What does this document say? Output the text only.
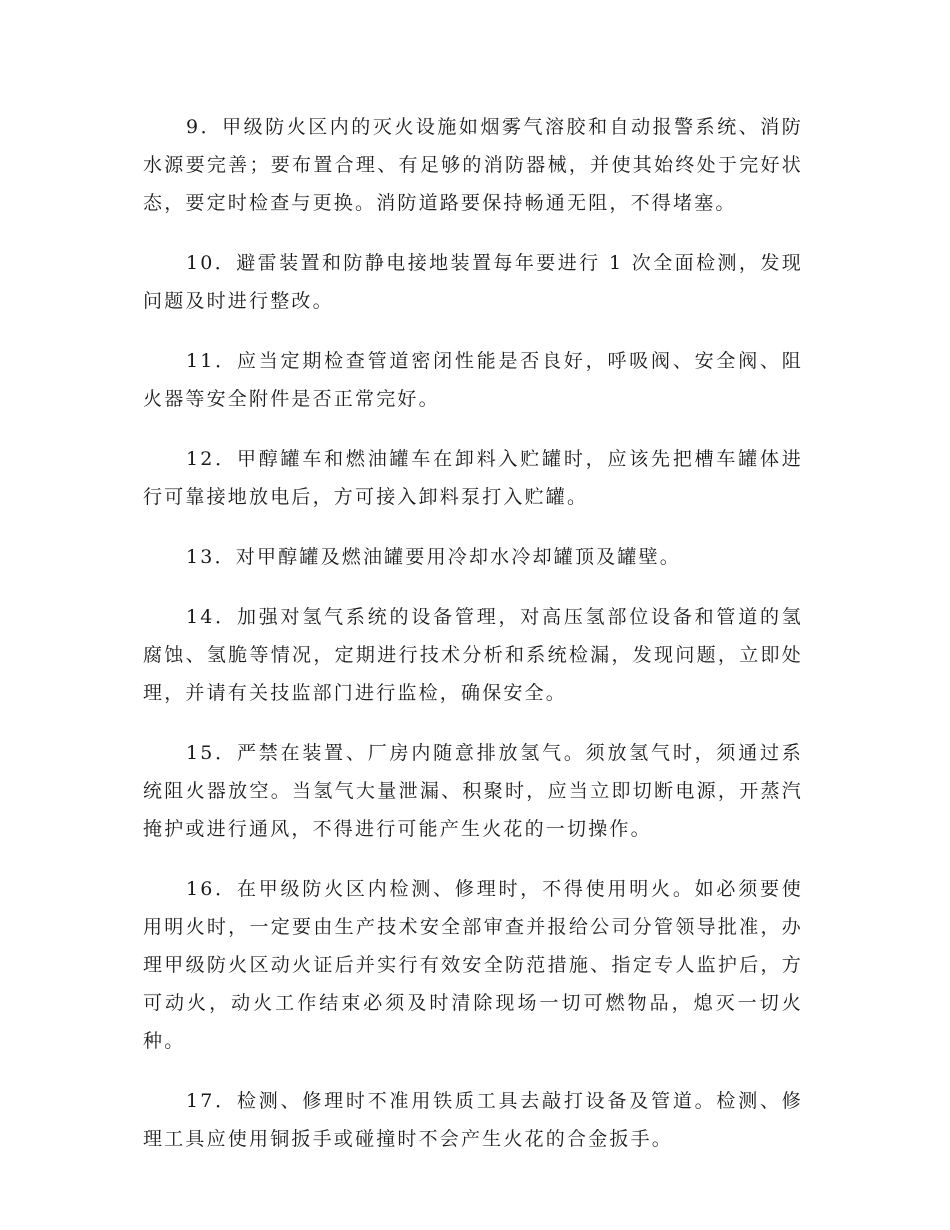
9．甲级防火区内的灭火设施如烟雾气溶胶和自动报警系统、消防水源要完善；要布置合理、有足够的消防器械，并使其始终处于完好状态，要定时检查与更换。消防道路要保持畅通无阻，不得堵塞。

10．避雷装置和防静电接地装置每年要进行 1 次全面检测，发现问题及时进行整改。

11．应当定期检查管道密闭性能是否良好，呼吸阀、安全阀、阻火器等安全附件是否正常完好。

12．甲醇罐车和燃油罐车在卸料入贮罐时，应该先把槽车罐体进行可靠接地放电后，方可接入卸料泵打入贮罐。

13．对甲醇罐及燃油罐要用冷却水冷却罐顶及罐壁。

14．加强对氢气系统的设备管理，对高压氢部位设备和管道的氢腐蚀、氢脆等情况，定期进行技术分析和系统检漏，发现问题，立即处理，并请有关技监部门进行监检，确保安全。

15．严禁在装置、厂房内随意排放氢气。须放氢气时，须通过系统阻火器放空。当氢气大量泄漏、积聚时，应当立即切断电源，开蒸汽掩护或进行通风，不得进行可能产生火花的一切操作。

16．在甲级防火区内检测、修理时，不得使用明火。如必须要使用明火时，一定要由生产技术安全部审查并报给公司分管领导批准，办理甲级防火区动火证后并实行有效安全防范措施、指定专人监护后，方可动火，动火工作结束必须及时清除现场一切可燃物品，熄灭一切火种。

17．检测、修理时不准用铁质工具去敲打设备及管道。检测、修理工具应使用铜扳手或碰撞时不会产生火花的合金扳手。
